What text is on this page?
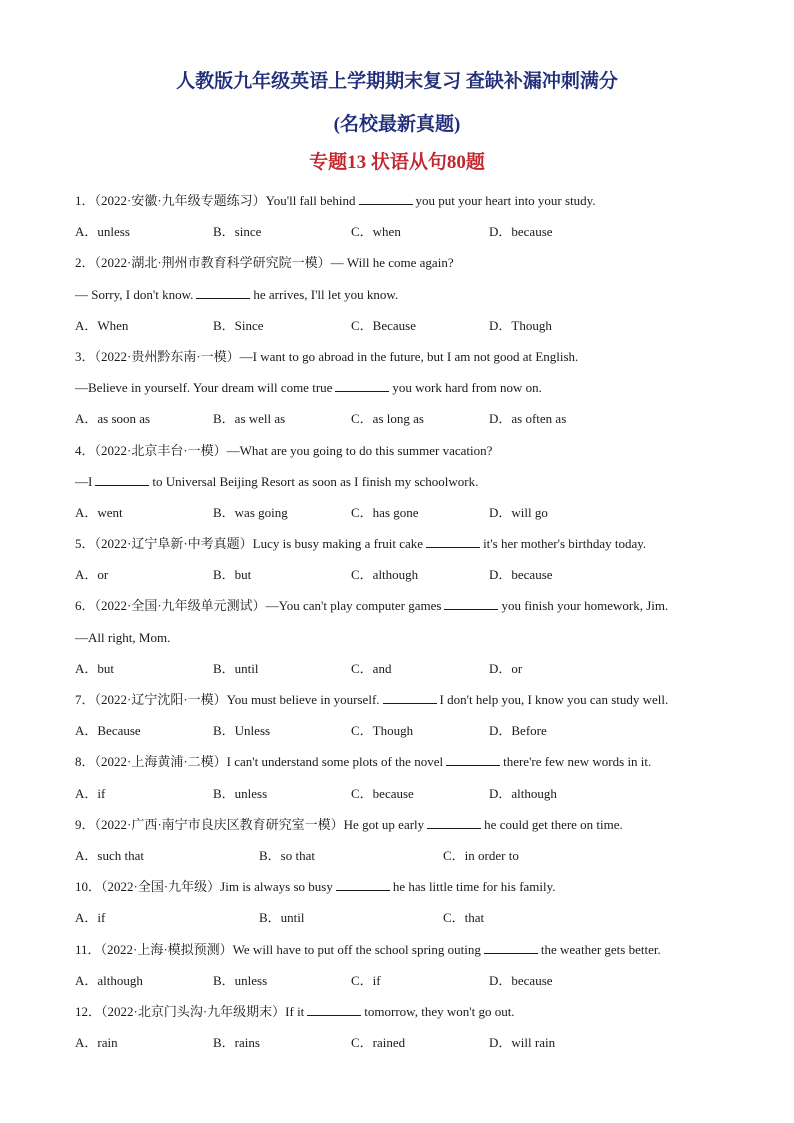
人教版九年级英语上学期期末复习 查缺补漏冲刺满分
(名校最新真题)
专题13 状语从句80题
1．（2022·安徽·九年级专题练习）You'll fall behind	you put your heart into your study.
A．unless	B．since	C．when	D．because
2．（2022·湖北·荆州市教育科学研究院一模）— Will he come again?
— Sorry, I don't know.	he arrives, I'll let you know.
A．When	B．Since	C．Because	D．Though
3．（2022·贵州黔东南·一模）—I want to go abroad in the future, but I am not good at English.
—Believe in yourself. Your dream will come true	you work hard from now on.
A．as soon as	B．as well as	C．as long as	D．as often as
4．（2022·北京丰台·一模）—What are you going to do this summer vacation?
—I	to Universal Beijing Resort as soon as I finish my schoolwork.
A．went	B．was going	C．has gone	D．will go
5．（2022·辽宁阜新·中考真题）Lucy is busy making a fruit cake	it's her mother's birthday today.
A．or	B．but	C．although	D．because
6．（2022·全国·九年级单元测试）—You can't play computer games	you finish your homework, Jim.
—All right, Mom.
A．but	B．until	C．and	D．or
7．（2022·辽宁沈阳·一模）You must believe in yourself.	I don't help you, I know you can study well.
A．Because	B．Unless	C．Though	D．Before
8．（2022·上海黄浦·二模）I can't understand some plots of the novel	there're few new words in it.
A．if	B．unless	C．because	D．although
9．（2022·广西·南宁市良庆区教育研究室一模）He got up early	he could get there on time.
A．such that	B．so that	C．in order to
10．（2022·全国·九年级）Jim is always so busy	he has little time for his family.
A．if	B．until	C．that
11．（2022·上海·模拟预测）We will have to put off the school spring outing	the weather gets better.
A．although	B．unless	C．if	D．because
12．（2022·北京门头沟·九年级期末）If it	tomorrow, they won't go out.
A．rain	B．rains	C．rained	D．will rain
